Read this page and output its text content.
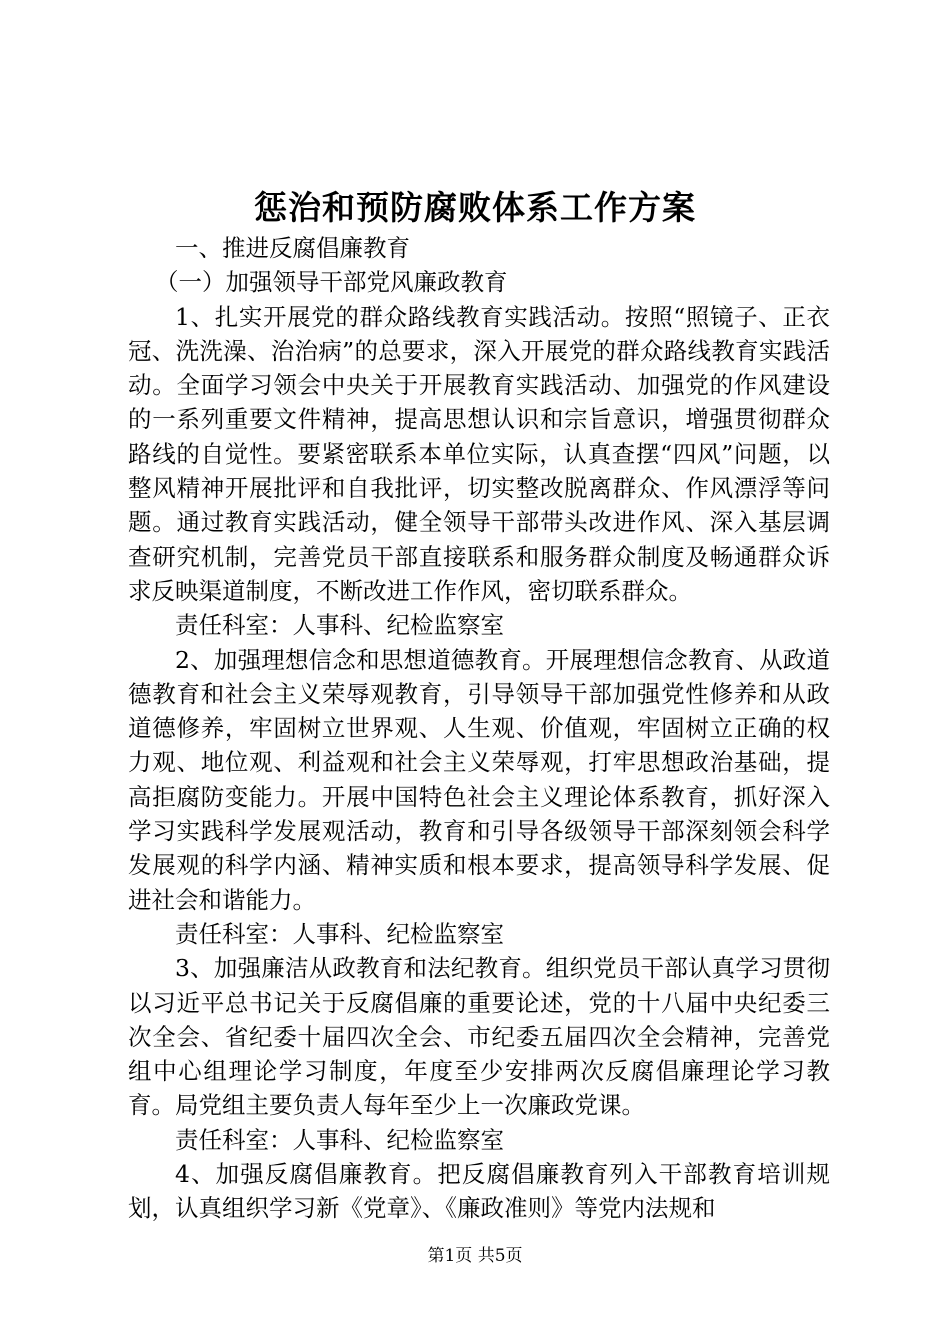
惩治和预防腐败体系工作方案

一、推进反腐倡廉教育

（一）加强领导干部党风廉政教育

1、扎实开展党的群众路线教育实践活动。按照“照镜子、正衣冠、洗洗澡、治治病”的总要求，深入开展党的群众路线教育实践活动。全面学习领会中央关于开展教育实践活动、加强党的作风建设的一系列重要文件精神，提高思想认识和宗旨意识，增强贯彻群众路线的自觉性。要紧密联系本单位实际，认真查摆“四风”问题，以整风精神开展批评和自我批评，切实整改脱离群众、作风漂浮等问题。通过教育实践活动，健全领导干部带头改进作风、深入基层调查研究机制，完善党员干部直接联系和服务群众制度及畅通群众诉求反映渠道制度，不断改进工作作风，密切联系群众。

责任科室：人事科、纪检监察室

2、加强理想信念和思想道德教育。开展理想信念教育、从政道德教育和社会主义荣辱观教育，引导领导干部加强党性修养和从政道德修养，牢固树立世界观、人生观、价值观，牢固树立正确的权力观、地位观、利益观和社会主义荣辱观，打牢思想政治基础，提高拒腐防变能力。开展中国特色社会主义理论体系教育，抓好深入学习实践科学发展观活动，教育和引导各级领导干部深刻领会科学发展观的科学内涵、精神实质和根本要求，提高领导科学发展、促进社会和谐能力。

责任科室：人事科、纪检监察室

3、加强廉洁从政教育和法纪教育。组织党员干部认真学习贯彻以习近平总书记关于反腐倡廉的重要论述，党的十八届中央纪委三次全会、省纪委十届四次全会、市纪委五届四次全会精神，完善党组中心组理论学习制度，年度至少安排两次反腐倡廉理论学习教育。局党组主要负责人每年至少上一次廉政党课。

责任科室：人事科、纪检监察室

4、加强反腐倡廉教育。把反腐倡廉教育列入干部教育培训规划，认真组织学习新《党章》、《廉政准则》等党内法规和

第1页 共5页
